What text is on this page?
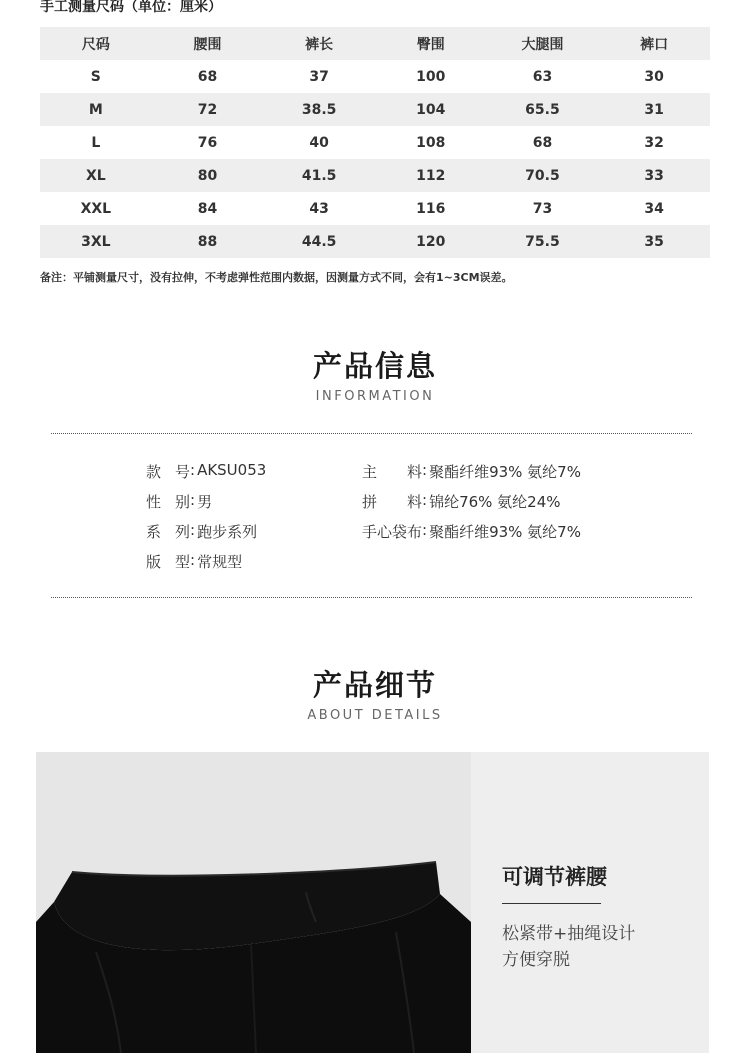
手工测量尺码（单位：厘米）
尺码	腰围	裤长	臀围	大腿围	裤口
S	68	37	100	63	30
M	72	38.5	104	65.5	31
L	76	40	108	68	32
XL	80	41.5	112	70.5	33
XXL	84	43	116	73	34
3XL	88	44.5	120	75.5	35
备注：平铺测量尺寸，没有拉伸，不考虑弹性范围内数据，因测量方式不同，会有1~3CM误差。
产品信息
INFORMATION
款 号 : AKSU053
性 别 : 男
系 列 : 跑步系列
版 型 : 常规型
主 料 : 聚酯纤维93% 氨纶7%
拼 料 : 锦纶76% 氨纶24%
手心袋布 : 聚酯纤维93% 氨纶7%
产品细节
ABOUT DETAILS
可调节裤腰
松紧带+抽绳设计
方便穿脱
